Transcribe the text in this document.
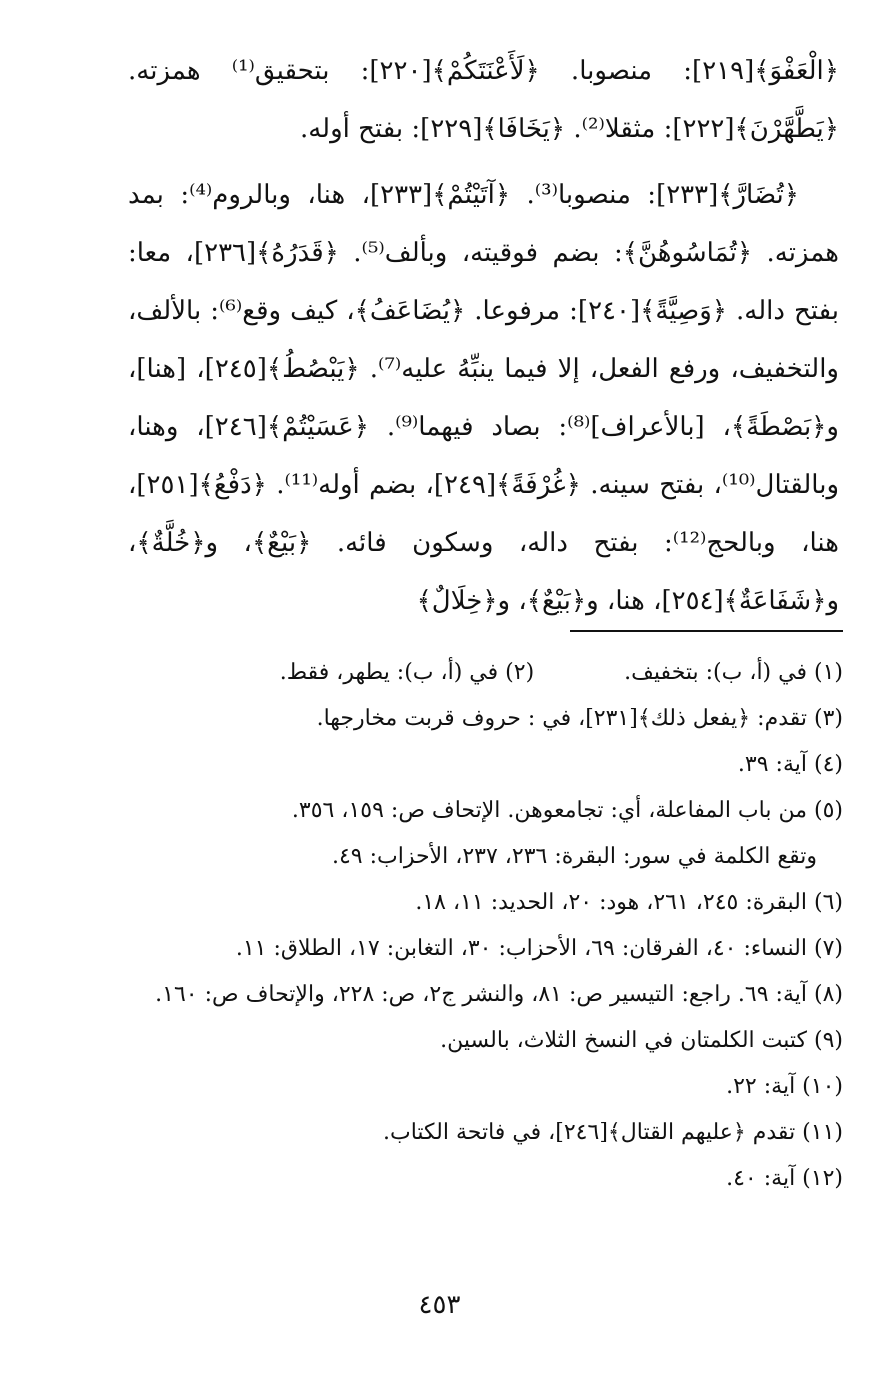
﴿الْعَفْوَ﴾[٢١٩]: منصوبا. ﴿لَأَعْنَتَكُمْ﴾[٢٢٠]: بتحقيق⁽¹⁾ همزته. ﴿يَطَّهَّرْنَ﴾[٢٢٢]: مثقلا⁽²⁾. ﴿يَخَافَا﴾[٢٢٩]: بفتح أوله.

﴿تُضَارَّ﴾[٢٣٣]: منصوبا⁽³⁾. ﴿آتَيْتُمْ﴾[٢٣٣]، هنا، وبالروم⁽⁴⁾: بمد همزته. ﴿تُمَاسُوهُنَّ﴾: بضم فوقيته، وبألف⁽⁵⁾. ﴿قَدَرُهُ﴾[٢٣٦]، معا: بفتح داله. ﴿وَصِيَّةً﴾[٢٤٠]: مرفوعا. ﴿يُضَاعَفُ﴾، كيف وقع⁽⁶⁾: بالألف، والتخفيف، ورفع الفعل، إلا فيما ينبِّهُ عليه⁽⁷⁾. ﴿يَبْصُطُ﴾[٢٤٥]، [هنا]، و﴿بَصْطَةً﴾، [بالأعراف]⁽⁸⁾: بصاد فيهما⁽⁹⁾. ﴿عَسَيْتُمْ﴾[٢٤٦]، وهنا، وبالقتال⁽¹⁰⁾، بفتح سينه. ﴿غُرْفَةً﴾[٢٤٩]، بضم أوله⁽¹¹⁾. ﴿دَفْعُ﴾[٢٥١]، هنا، وبالحج⁽¹²⁾: بفتح داله، وسكون فائه. ﴿بَيْعٌ﴾، و﴿خُلَّةٌ﴾، و﴿شَفَاعَةٌ﴾[٢٥٤]، هنا، و﴿بَيْعٌ﴾، و﴿خِلَالٌ﴾

(١) في (أ، ب): بتخفيف.
(٢) في (أ، ب): يطهر، فقط.
(٣) تقدم: ﴿يفعل ذلك﴾[٢٣١]، في : حروف قربت مخارجها.
(٤) آية: ٣٩.
(٥) من باب المفاعلة، أي: تجامعوهن. الإتحاف ص: ١٥٩، ٣٥٦.
وتقع الكلمة في سور: البقرة: ٢٣٦، ٢٣٧، الأحزاب: ٤٩.
(٦) البقرة: ٢٤٥، ٢٦١، هود: ٢٠، الحديد: ١١، ١٨.
(٧) النساء: ٤٠، الفرقان: ٦٩، الأحزاب: ٣٠، التغابن: ١٧، الطلاق: ١١.
(٨) آية: ٦٩. راجع: التيسير ص: ٨١، والنشر ج٢، ص: ٢٢٨، والإتحاف ص: ١٦٠.
(٩) كتبت الكلمتان في النسخ الثلاث، بالسين.
(١٠) آية: ٢٢.
(١١) تقدم ﴿عليهم القتال﴾[٢٤٦]، في فاتحة الكتاب.
(١٢) آية: ٤٠.
٤٥٣
